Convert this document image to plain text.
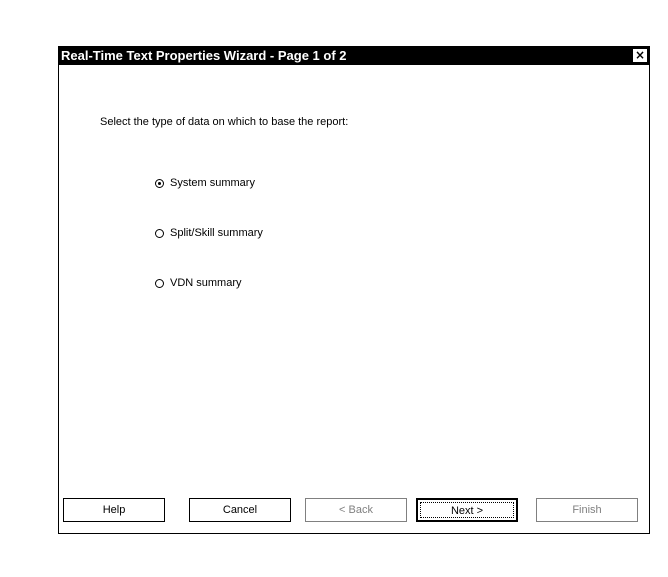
Real-Time Text Properties Wizard - Page 1 of 2	×
Select the type of data on which to base the report:
System summary
Split/Skill summary
VDN summary
Help	Cancel	< Back	Next >	Finish
